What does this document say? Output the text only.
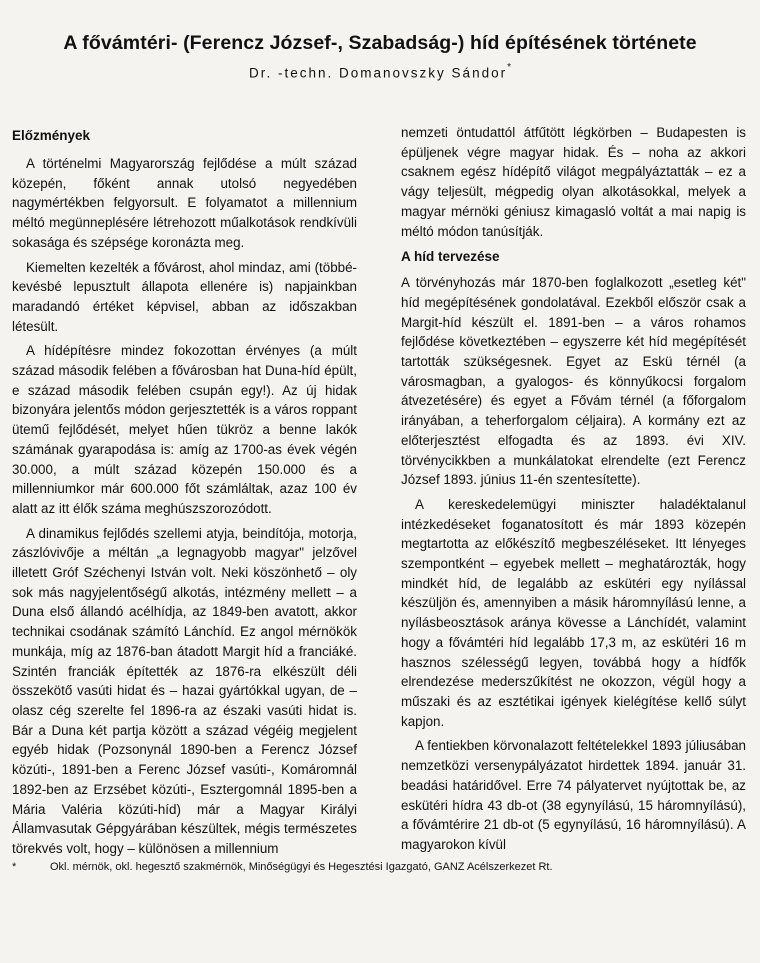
A fővámtéri- (Ferencz József-, Szabadság-) híd építésének története
Dr. -techn. Domanovszky Sándor*
Előzmények

A történelmi Magyarország fejlődése a múlt század közepén, főként annak utolsó negyedében nagymértékben felgyorsult. E folyamatot a millennium méltó megünneplésére létrehozott műalkotások rendkívüli sokasága és szépsége koronázta meg.

Kiemelten kezelték a fővárost, ahol mindaz, ami (többé-kevésbé lepusztult állapota ellenére is) napjainkban maradandó értéket képvisel, abban az időszakban létesült.

A hídépítésre mindez fokozottan érvényes (a múlt század második felében a fővárosban hat Duna-híd épült, e század második felében csupán egy!). Az új hidak bizonyára jelentős módon gerjesztették is a város roppant ütemű fejlődését, melyet hűen tükröz a benne lakók számának gyarapodása is: amíg az 1700-as évek végén 30.000, a múlt század közepén 150.000 és a millenniumkor már 600.000 főt számláltak, azaz 100 év alatt az itt élők száma meghúszszorozódott.

A dinamikus fejlődés szellemi atyja, beindítója, motorja, zászlóvivője a méltán „a legnagyobb magyar" jelzővel illetett Gróf Széchenyi István volt. Neki köszönhető – oly sok más nagyjelentőségű alkotás, intézmény mellett – a Duna első állandó acélhídja, az 1849-ben avatott, akkor technikai csodának számító Lánchíd. Ez angol mérnökök munkája, míg az 1876-ban átadott Margit híd a franciáké. Szintén franciák építették az 1876-ra elkészült déli összekötő vasúti hidat és – hazai gyártókkal ugyan, de – olasz cég szerelte fel 1896-ra az északi vasúti hidat is. Bár a Duna két partja között a század végéig megjelent egyéb hidak (Pozsonynál 1890-ben a Ferencz József közúti-, 1891-ben a Ferenc József vasúti-, Komáromnál 1892-ben az Erzsébet közúti-, Esztergomnál 1895-ben a Mária Valéria közúti-híd) már a Magyar Királyi Államvasutak Gépgyárában készültek, mégis természetes törekvés volt, hogy – különösen a millennium

nemzeti öntudattól átfűtött légkörben – Budapesten is épüljenek végre magyar hidak. És – noha az akkori csaknem egész hídépítő világot megpályáztatták – ez a vágy teljesült, mégpedig olyan alkotásokkal, melyek a magyar mérnöki géniusz kimagasló voltát a mai napig is méltó módon tanúsítják.

A híd tervezése

A törvényhozás már 1870-ben foglalkozott „esetleg két" híd megépítésének gondolatával. Ezekből először csak a Margit-híd készült el. 1891-ben – a város rohamos fejlődése következtében – egyszerre két híd megépítését tartották szükségesnek. Egyet az Eskü térnél (a városmagban, a gyalogos- és könnyűkocsi forgalom átvezetésére) és egyet a Fővám térnél (a főforgalom irányában, a teherforgalom céljaira). A kormány ezt az előterjesztést elfogadta és az 1893. évi XIV. törvénycikkben a munkálatokat elrendelte (ezt Ferencz József 1893. június 11-én szentesítette).

A kereskedelemügyi miniszter haladéktalanul intézkedéseket foganatosított és már 1893 közepén megtartotta az előkészítő megbeszéléseket. Itt lényeges szempontként – egyebek mellett – meghatározták, hogy mindkét híd, de legalább az eskütéri egy nyílással készüljön és, amennyiben a másik háromnyílású lenne, a nyílásbeosztások aránya kövesse a Lánchídét, valamint hogy a fővámtéri híd legalább 17,3 m, az eskütéri 16 m hasznos szélességű legyen, továbbá hogy a hídfők elrendezése mederszűkítést ne okozzon, végül hogy a műszaki és az esztétikai igények kielégítése kellő súlyt kapjon.

A fentiekben körvonalazott feltételekkel 1893 júliusában nemzetközi versenypályázatot hirdettek 1894. január 31. beadási határidővel. Erre 74 pályatervet nyújtottak be, az eskütéri hídra 43 db-ot (38 egynyílású, 15 háromnyílású), a fővámtérire 21 db-ot (5 egynyílású, 16 háromnyílású). A magyarokon kívül

*	Okl. mérnök, okl. hegesztő szakmérnök, Minőségügyi és Hegesztési Igazgató, GANZ Acélszerkezet Rt.
